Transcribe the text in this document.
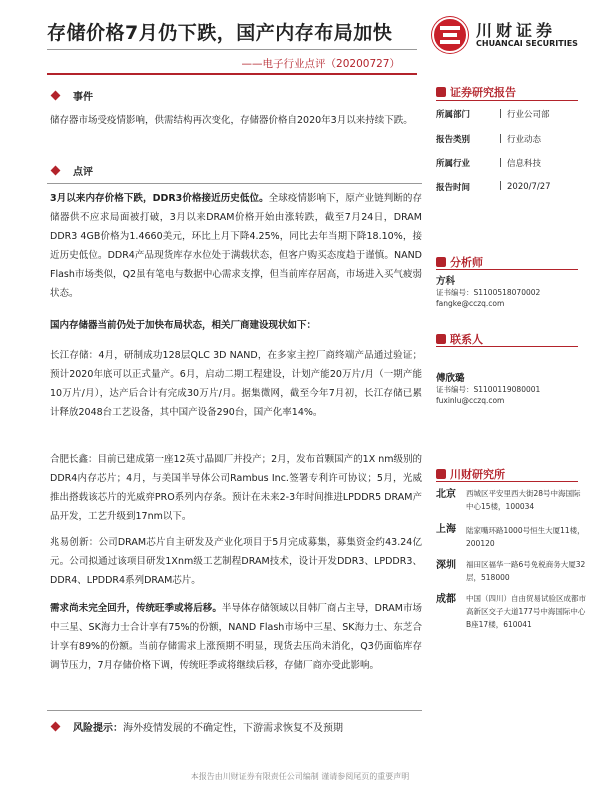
存储价格7月仍下跌，国产内存布局加快
——电子行业点评（20200727）
川财证券
CHUANCAI SECURITIES
事件
储存器市场受疫情影响，供需结构再次变化，存储器价格自2020年3月以来持续下跌。
点评
3月以来内存价格下跌，DDR3价格接近历史低位。全球疫情影响下，原产业链判断的存储器供不应求局面被打破，3月以来DRAM价格开始由涨转跌，截至7月24日，DRAM DDR3 4GB价格为1.4660美元，环比上月下降4.25%，同比去年当期下降18.10%，接近历史低位。DDR4产品现货库存水位处于满载状态，但客户购买态度趋于谨慎。NAND Flash市场类似，Q2虽有笔电与数据中心需求支撑，但当前库存居高，市场进入买气疲弱状态。
国内存储器当前仍处于加快布局状态，相关厂商建设现状如下：
长江存储：4月，研制成功128层QLC 3D NAND，在多家主控厂商终端产品通过验证；预计2020年底可以正式量产。6月，启动二期工程建设，计划产能20万片/月（一期产能10万片/月），达产后合计有完成30万片/月。据集微网，截至今年7月初，长江存储已累计释放2048台工艺设备，其中国产设备290台，国产化率14%。
合肥长鑫：目前已建成第一座12英寸晶圆厂并投产；2月，发布首颗国产的1X nm级别的DDR4内存芯片；4月，与美国半导体公司Rambus Inc.签署专利许可协议；5月，光威推出搭载该芯片的光威弈PRO系列内存条。预计在未来2-3年时间推进LPDDR5 DRAM产品开发，工艺升级到17nm以下。
兆易创新：公司DRAM芯片自主研发及产业化项目于5月完成募集，募集资金约43.24亿元。公司拟通过该项目研发1Xnm级工艺制程DRAM技术，设计开发DDR3、LPDDR3、DDR4、LPDDR4系列DRAM芯片。
需求尚未完全回升，传统旺季或将后移。半导体存储领域以目韩厂商占主导，DRAM市场中三星、SK海力士合计享有75%的份额，NAND Flash市场中三星、SK海力士、东芝合计享有89%的份额。当前存储需求上涨预期不明显，现货去压尚未消化，Q3仍面临库存调节压力，7月存储价格下调，传统旺季或将继续后移，存储厂商亦受此影响。
风险提示：海外疫情发展的不确定性，下游需求恢复不及预期
证券研究报告
所属部门	行业公司部
报告类别	行业动态
所属行业	信息科技
报告时间	2020/7/27
分析师
方科
证书编号：S1100518070002
fangke@cczq.com
联系人
傅欣璐
证书编号：S1100119080001
fuxinlu@cczq.com
川财研究所
北京 西城区平安里西大街28号中海国际中心15楼，100034
上海 陆家嘴环路1000号恒生大厦11楼，200120
深圳 福田区福华一路6号免税商务大厦32层，518000
成都 中国（四川）自由贸易试验区成都市高新区交子大道177号中海国际中心B座17楼，610041
本报告由川财证券有限责任公司编制 谨请参阅尾页的重要声明
